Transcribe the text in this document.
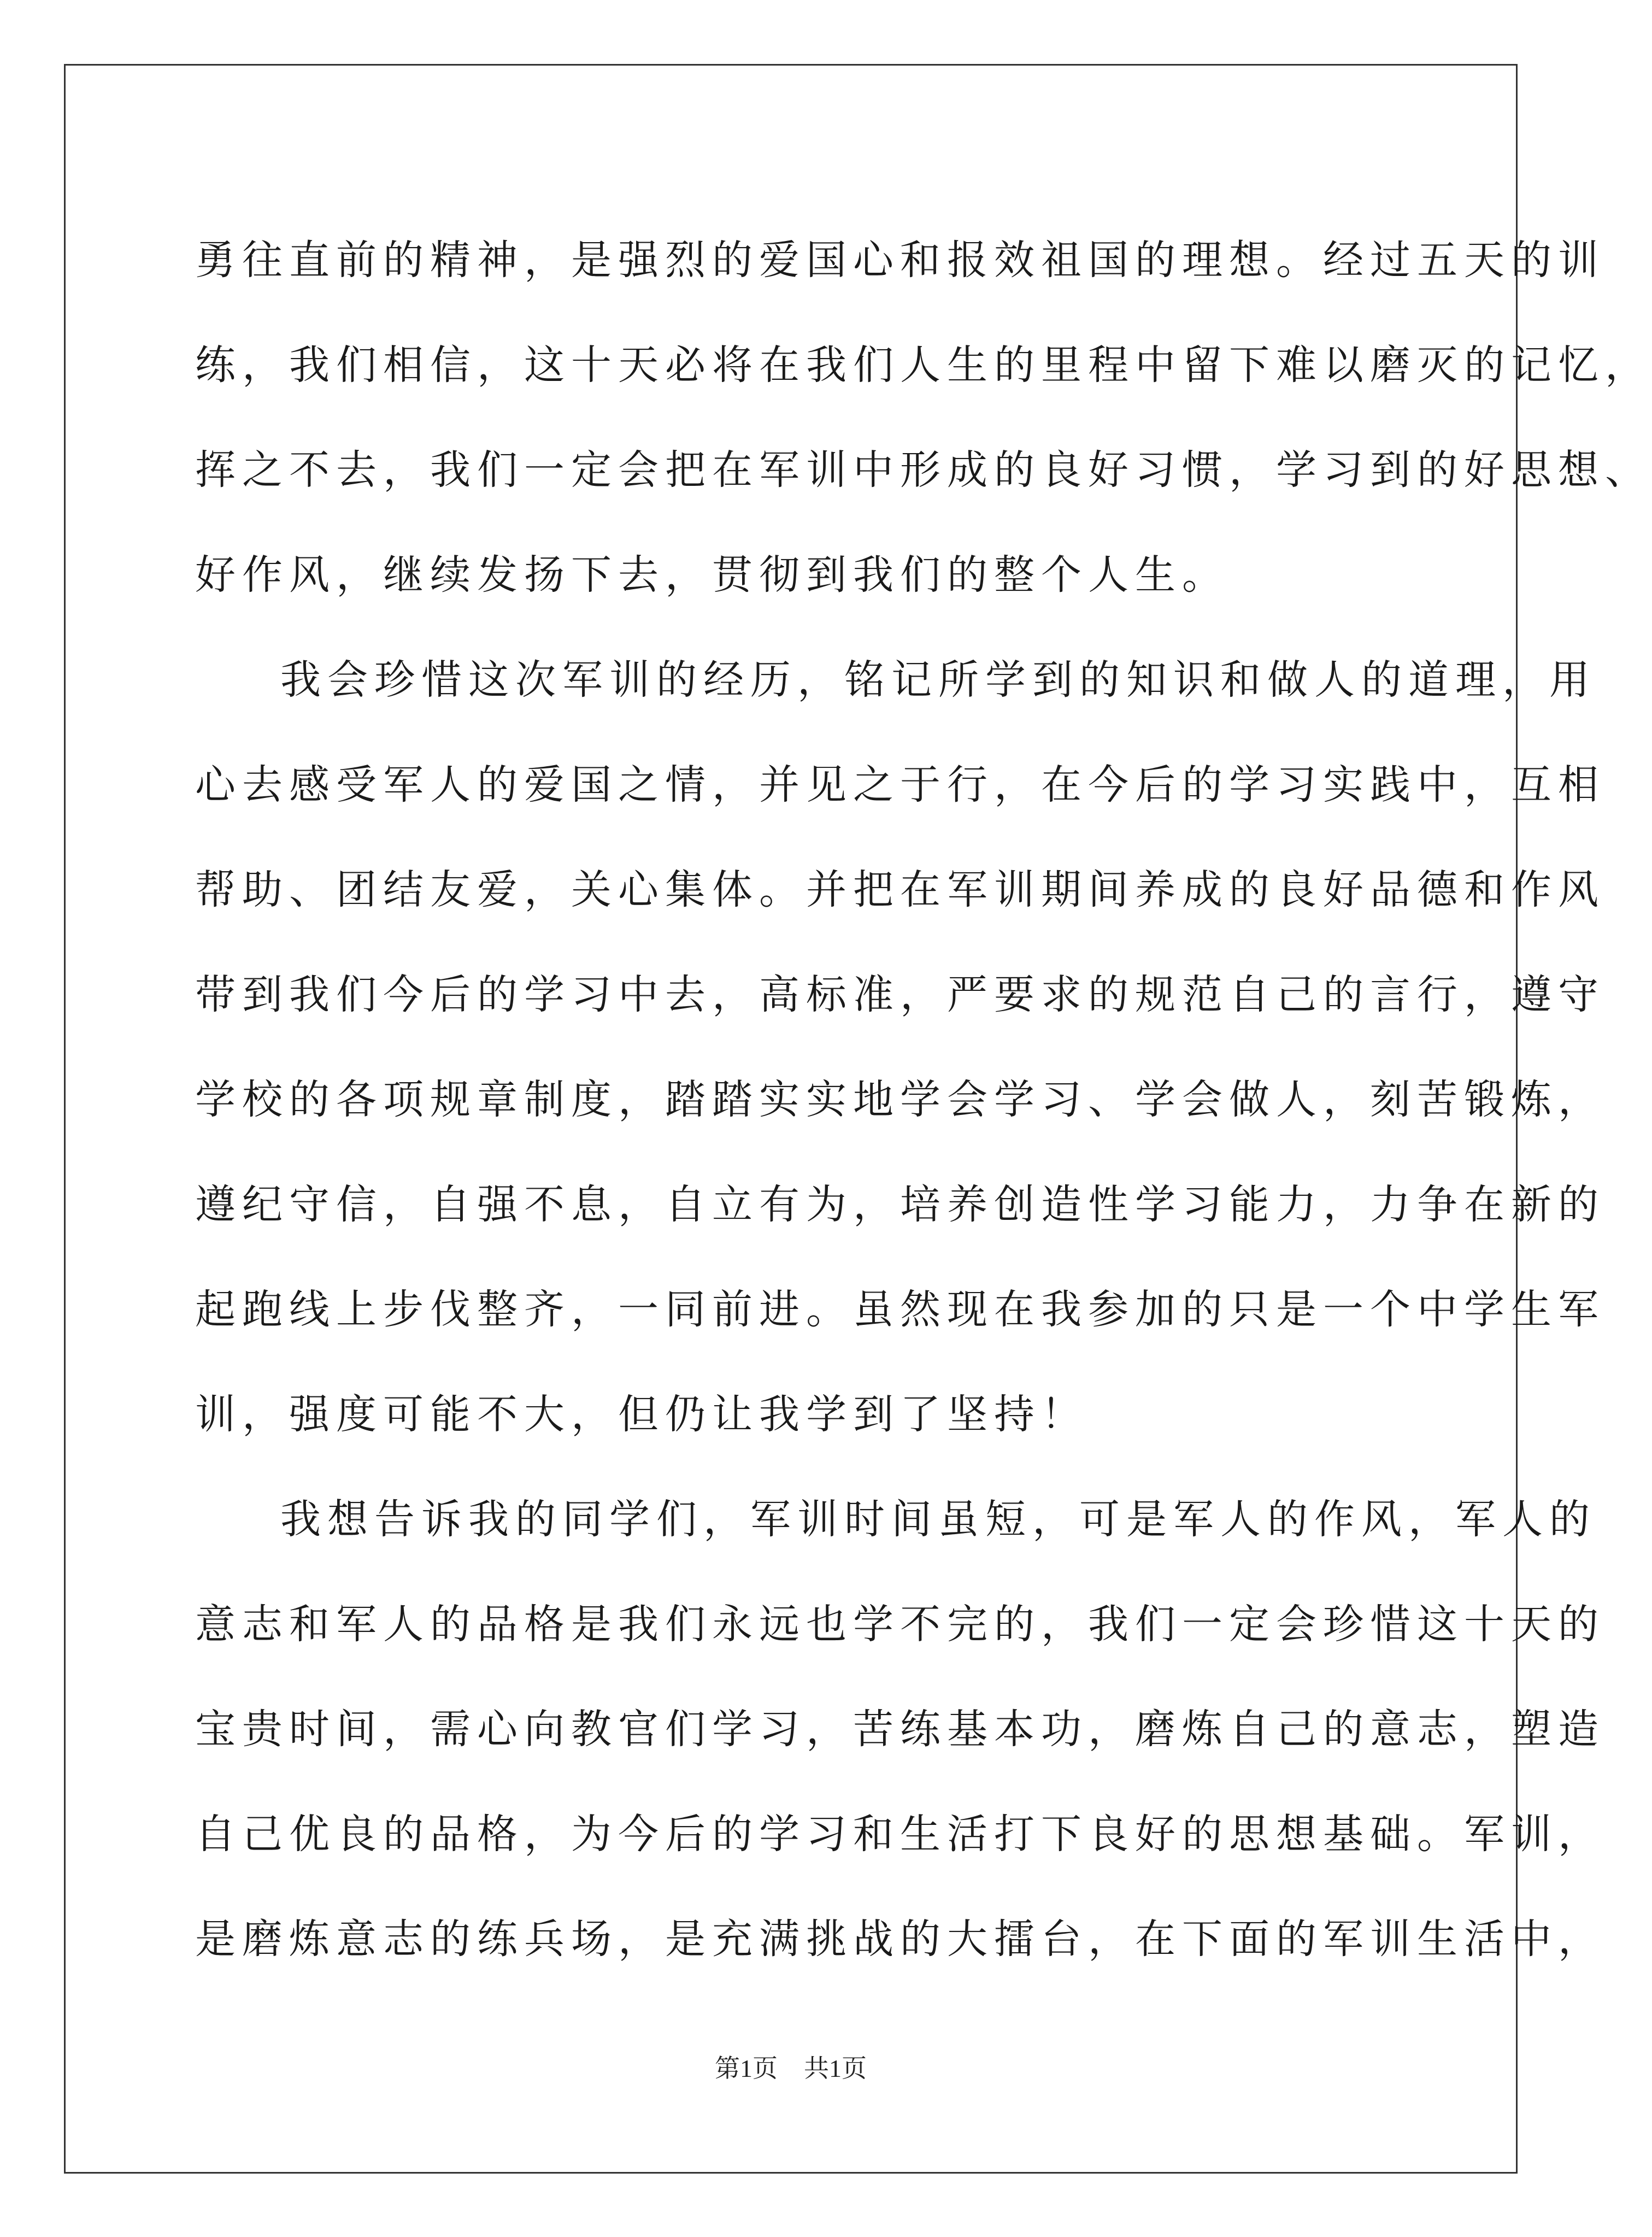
勇往直前的精神，是强烈的爱国心和报效祖国的理想。经过五天的训
练，我们相信，这十天必将在我们人生的里程中留下难以磨灭的记忆，
挥之不去，我们一定会把在军训中形成的良好习惯，学习到的好思想、
好作风，继续发扬下去，贯彻到我们的整个人生。
我会珍惜这次军训的经历，铭记所学到的知识和做人的道理，用
心去感受军人的爱国之情，并见之于行，在今后的学习实践中，互相
帮助、团结友爱，关心集体。并把在军训期间养成的良好品德和作风
带到我们今后的学习中去，高标准，严要求的规范自己的言行，遵守
学校的各项规章制度，踏踏实实地学会学习、学会做人，刻苦锻炼，
遵纪守信，自强不息，自立有为，培养创造性学习能力，力争在新的
起跑线上步伐整齐，一同前进。虽然现在我参加的只是一个中学生军
训，强度可能不大，但仍让我学到了坚持！
我想告诉我的同学们，军训时间虽短，可是军人的作风，军人的
意志和军人的品格是我们永远也学不完的，我们一定会珍惜这十天的
宝贵时间，需心向教官们学习，苦练基本功，磨炼自己的意志，塑造
自己优良的品格，为今后的学习和生活打下良好的思想基础。军训，
是磨炼意志的练兵场，是充满挑战的大擂台，在下面的军训生活中，
第1页 共1页
